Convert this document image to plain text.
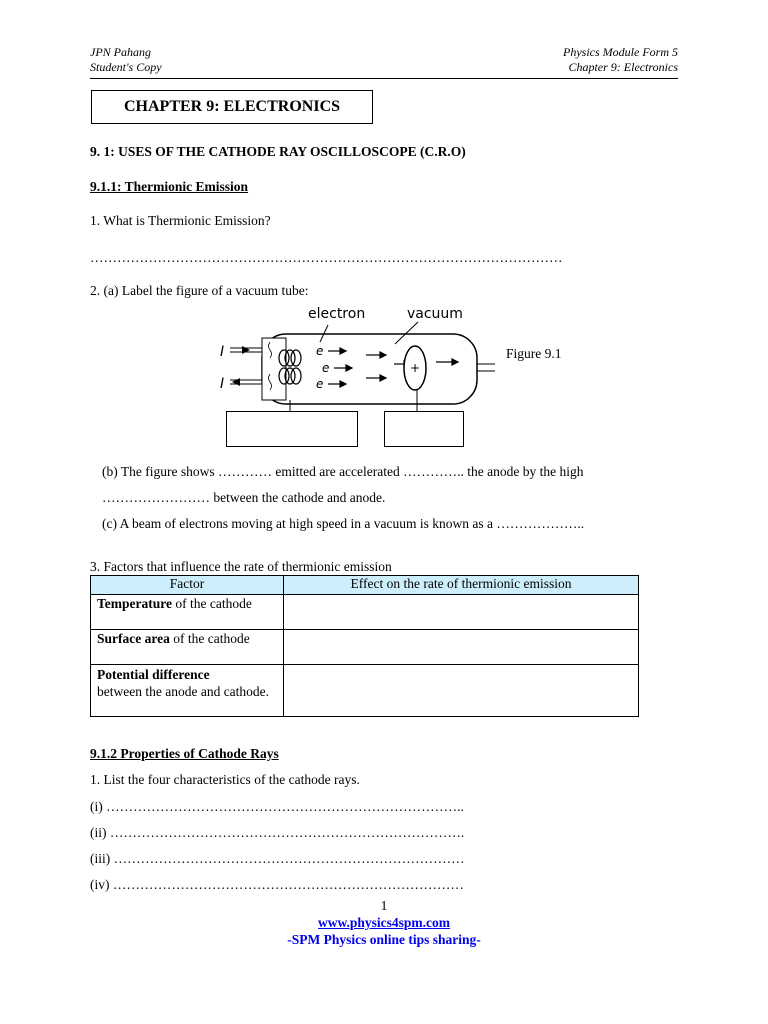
JPN Pahang
Student's Copy
Physics Module Form 5
Chapter 9: Electronics
CHAPTER 9: ELECTRONICS
9. 1: USES OF THE CATHODE RAY OSCILLOSCOPE (C.R.O)
9.1.1: Thermionic Emission
1. What is Thermionic Emission?
……………………………………………………………………………………………
2. (a) Label the figure of a vacuum tube:
I
I
e
e
e
+
electron	vacuum
Figure 9.1
(b) The figure shows ………… emitted are accelerated ………….. the anode by the high
…………………… between the cathode and anode.
(c) A beam of electrons moving at high speed in a vacuum is known as a ………………..
3. Factors that influence the rate of thermionic emission
Factor	Effect on the rate of thermionic emission
Temperature of the cathode	
Surface area of the cathode	
Potential difference
between the anode and cathode.	
9.1.2 Properties of Cathode Rays
1. List the four characteristics of the cathode rays.
(i) ……………………………………………………………………..
(ii) …………………………………………………………………….
(iii) ……………………………………………………………………
(iv) ……………………………………………………………………
1
www.physics4spm.com
-SPM Physics online tips sharing-
